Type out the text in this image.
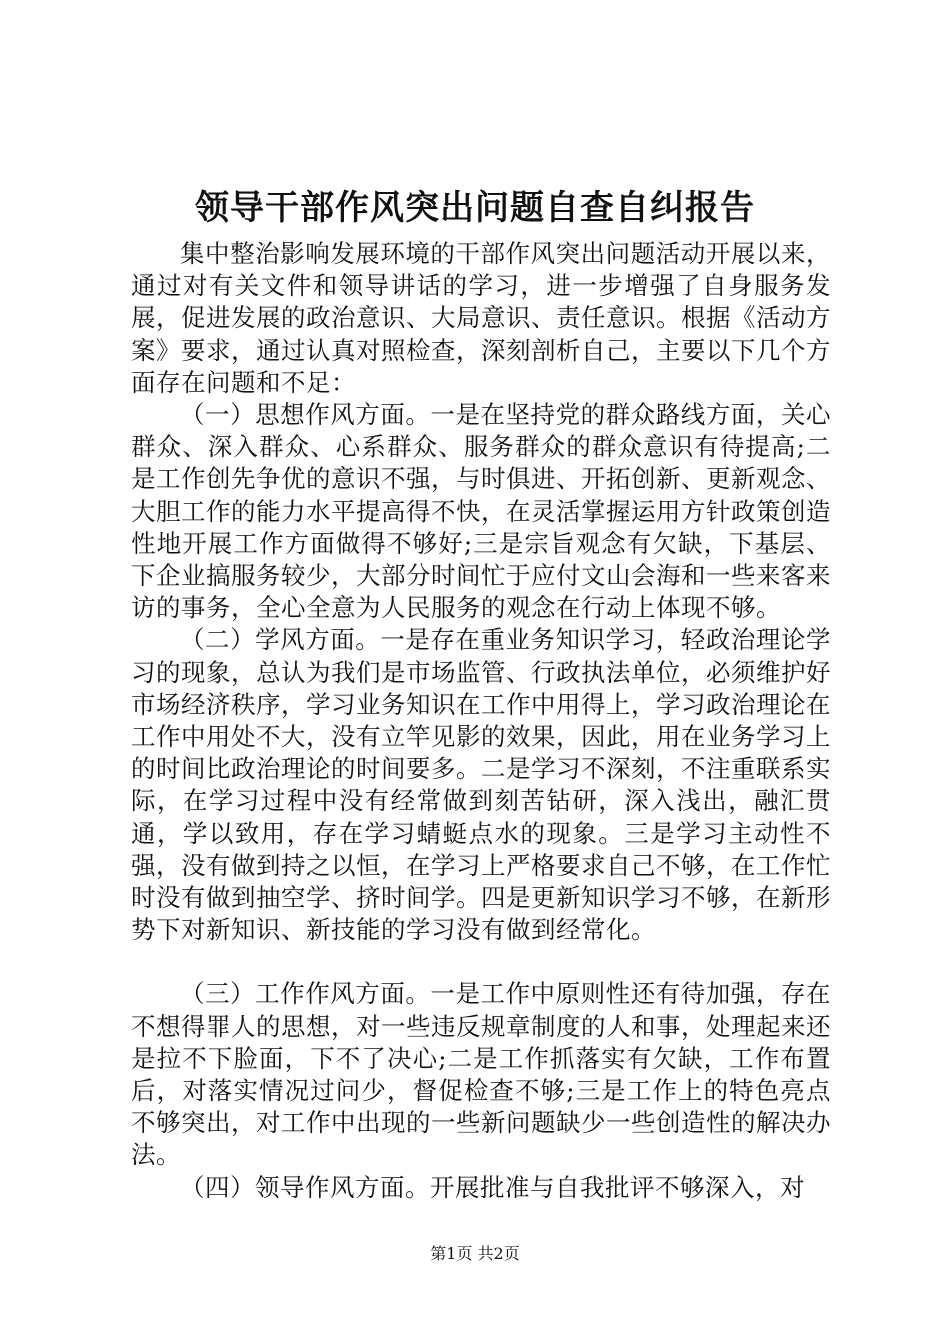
领导干部作风突出问题自查自纠报告

集中整治影响发展环境的干部作风突出问题活动开展以来，通过对有关文件和领导讲话的学习，进一步增强了自身服务发展，促进发展的政治意识、大局意识、责任意识。根据《活动方案》要求，通过认真对照检查，深刻剖析自己，主要以下几个方面存在问题和不足：

（一）思想作风方面。一是在坚持党的群众路线方面，关心群众、深入群众、心系群众、服务群众的群众意识有待提高;二是工作创先争优的意识不强，与时俱进、开拓创新、更新观念、大胆工作的能力水平提高得不快，在灵活掌握运用方针政策创造性地开展工作方面做得不够好;三是宗旨观念有欠缺，下基层、下企业搞服务较少，大部分时间忙于应付文山会海和一些来客来访的事务，全心全意为人民服务的观念在行动上体现不够。

（二）学风方面。一是存在重业务知识学习，轻政治理论学习的现象，总认为我们是市场监管、行政执法单位，必须维护好市场经济秩序，学习业务知识在工作中用得上，学习政治理论在工作中用处不大，没有立竿见影的效果，因此，用在业务学习上的时间比政治理论的时间要多。二是学习不深刻，不注重联系实际，在学习过程中没有经常做到刻苦钻研，深入浅出，融汇贯通，学以致用，存在学习蜻蜓点水的现象。三是学习主动性不强，没有做到持之以恒，在学习上严格要求自己不够，在工作忙时没有做到抽空学、挤时间学。四是更新知识学习不够，在新形势下对新知识、新技能的学习没有做到经常化。

（三）工作作风方面。一是工作中原则性还有待加强，存在不想得罪人的思想，对一些违反规章制度的人和事，处理起来还是拉不下脸面，下不了决心;二是工作抓落实有欠缺，工作布置后，对落实情况过问少，督促检查不够;三是工作上的特色亮点不够突出，对工作中出现的一些新问题缺少一些创造性的解决办法。

（四）领导作风方面。开展批准与自我批评不够深入，对

第1页 共2页
